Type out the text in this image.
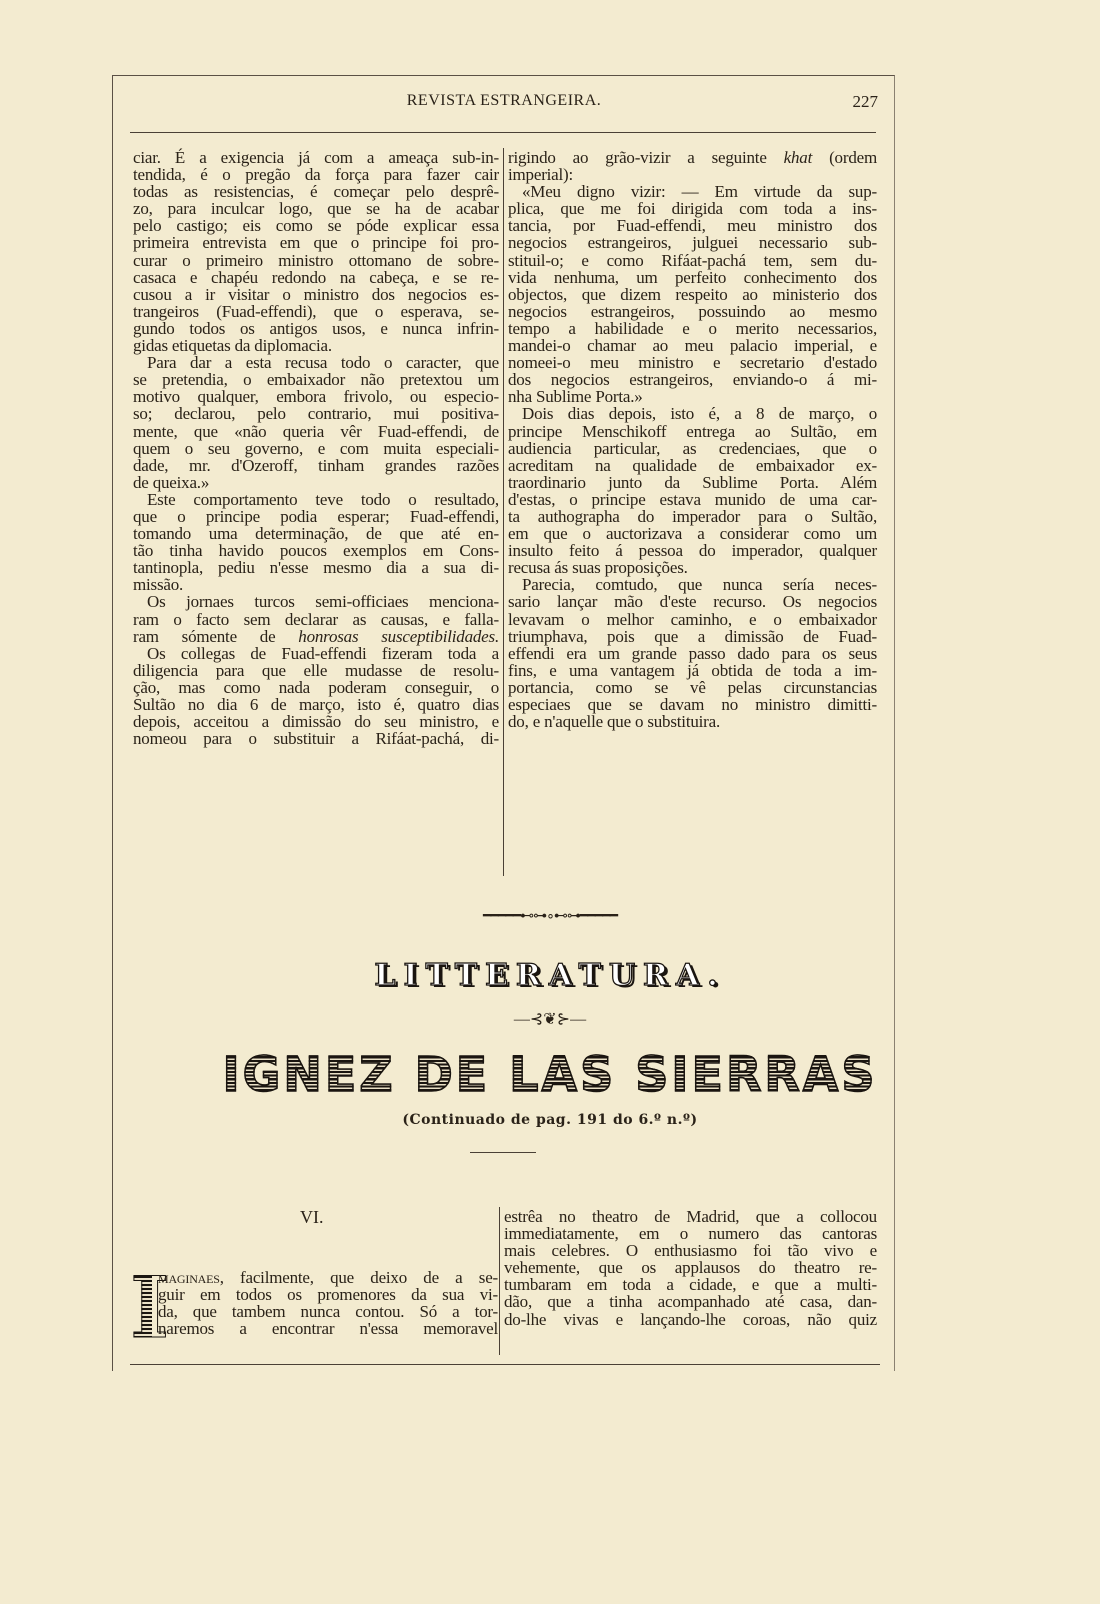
REVISTA ESTRANGEIRA.	227
ciar. É a exigencia já com a ameaça sub-in-
tendida, é o pregão da força para fazer cair
todas as resistencias, é começar pelo desprê-
zo, para inculcar logo, que se ha de acabar
pelo castigo; eis como se póde explicar essa
primeira entrevista em que o principe foi pro-
curar o primeiro ministro ottomano de sobre-
casaca e chapéu redondo na cabeça, e se re-
cusou a ir visitar o ministro dos negocios es-
trangeiros (Fuad-effendi), que o esperava, se-
gundo todos os antigos usos, e nunca infrin-
gidas etiquetas da diplomacia.
Para dar a esta recusa todo o caracter, que
se pretendia, o embaixador não pretextou um
motivo qualquer, embora frivolo, ou especio-
so; declarou, pelo contrario, mui positiva-
mente, que «não queria vêr Fuad-effendi, de
quem o seu governo, e com muita especiali-
dade, mr. d'Ozeroff, tinham grandes razões
de queixa.»
Este comportamento teve todo o resultado,
que o principe podia esperar; Fuad-effendi,
tomando uma determinação, de que até en-
tão tinha havido poucos exemplos em Cons-
tantinopla, pediu n'esse mesmo dia a sua di-
missão.
Os jornaes turcos semi-officiaes menciona-
ram o facto sem declarar as causas, e falla-
ram sómente de honrosas susceptibilidades.
Os collegas de Fuad-effendi fizeram toda a
diligencia para que elle mudasse de resolu-
ção, mas como nada poderam conseguir, o
Sultão no dia 6 de março, isto é, quatro dias
depois, acceitou a dimissão do seu ministro, e
nomeou para o substituir a Rifáat-pachá, di-
rigindo ao grão-vizir a seguinte khat (ordem
imperial):
«Meu digno vizir: — Em virtude da sup-
plica, que me foi dirigida com toda a ins-
tancia, por Fuad-effendi, meu ministro dos
negocios estrangeiros, julguei necessario sub-
stituil-o; e como Rifáat-pachá tem, sem du-
vida nenhuma, um perfeito conhecimento dos
objectos, que dizem respeito ao ministerio dos
negocios estrangeiros, possuindo ao mesmo
tempo a habilidade e o merito necessarios,
mandei-o chamar ao meu palacio imperial, e
nomeei-o meu ministro e secretario d'estado
dos negocios estrangeiros, enviando-o á mi-
nha Sublime Porta.»
Dois dias depois, isto é, a 8 de março, o
principe Menschikoff entrega ao Sultão, em
audiencia particular, as credenciaes, que o
acreditam na qualidade de embaixador ex-
traordinario junto da Sublime Porta. Além
d'estas, o principe estava munido de uma car-
ta authographa do imperador para o Sultão,
em que o auctorizava a considerar como um
insulto feito á pessoa do imperador, qualquer
recusa ás suas proposições.
Parecia, comtudo, que nunca sería neces-
sario lançar mão d'este recurso. Os negocios
levavam o melhor caminho, e o embaixador
triumphava, pois que a dimissão de Fuad-
effendi era um grande passo dado para os seus
fins, e uma vantagem já obtida de toda a im-
portancia, como se vê pelas circunstancias
especiaes que se davam no ministro dimitti-
do, e n'aquelle que o substituira.
━━━━━⊷⊶∘⊷⊶━━━━━
LITTERATURA.
—⊰❦⊱—
IGNEZ DE LAS SIERRAS
(Continuado de pag. 191 do 6.º n.º)
VI.
I
maginaes, facilmente, que deixo de a se-
guir em todos os promenores da sua vi-
da, que tambem nunca contou. Só a tor-
naremos a encontrar n'essa memoravel
estrêa no theatro de Madrid, que a collocou
immediatamente, em o numero das cantoras
mais celebres. O enthusiasmo foi tão vivo e
vehemente, que os applausos do theatro re-
tumbaram em toda a cidade, e que a multi-
dão, que a tinha acompanhado até casa, dan-
do-lhe vivas e lançando-lhe coroas, não quiz
